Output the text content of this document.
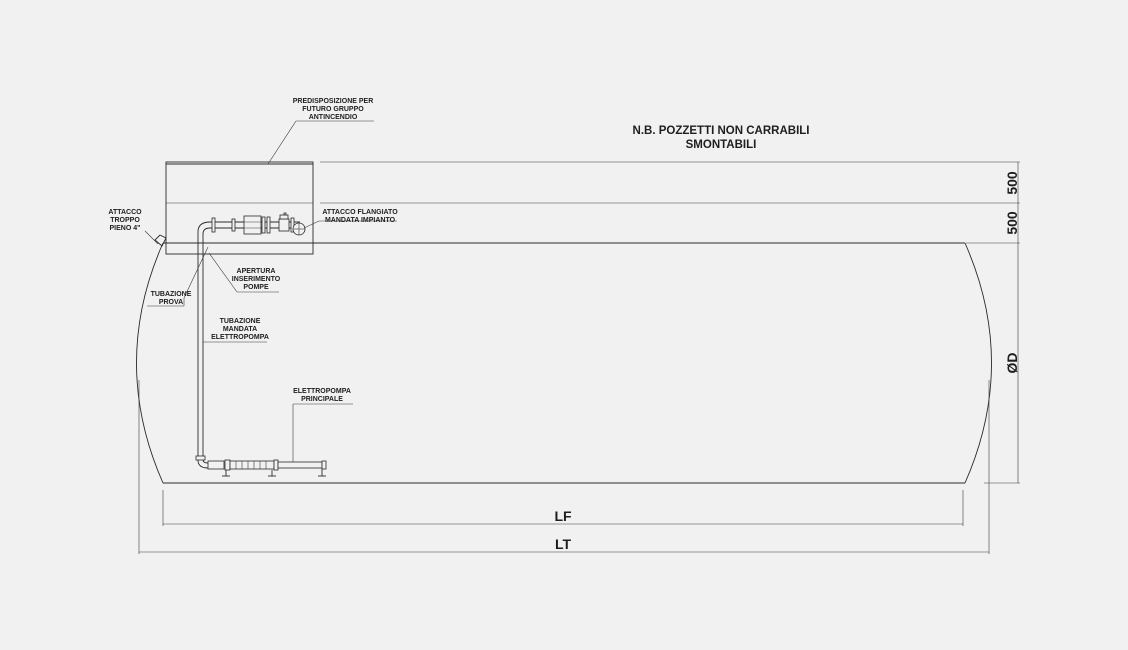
N.B. POZZETTI NON CARRABILI
SMONTABILI
PREDISPOSIZIONE PER
FUTURO GRUPPO
ANTINCENDIO
ATTACCO
TROPPO
PIENO 4"
ATTACCO FLANGIATO
MANDATA IMPIANTO
APERTURA
INSERIMENTO
POMPE
TUBAZIONE
PROVA
TUBAZIONE
MANDATA
ELETTROPOMPA
ELETTROPOMPA
PRINCIPALE
500
500
ØD
LF
LT
